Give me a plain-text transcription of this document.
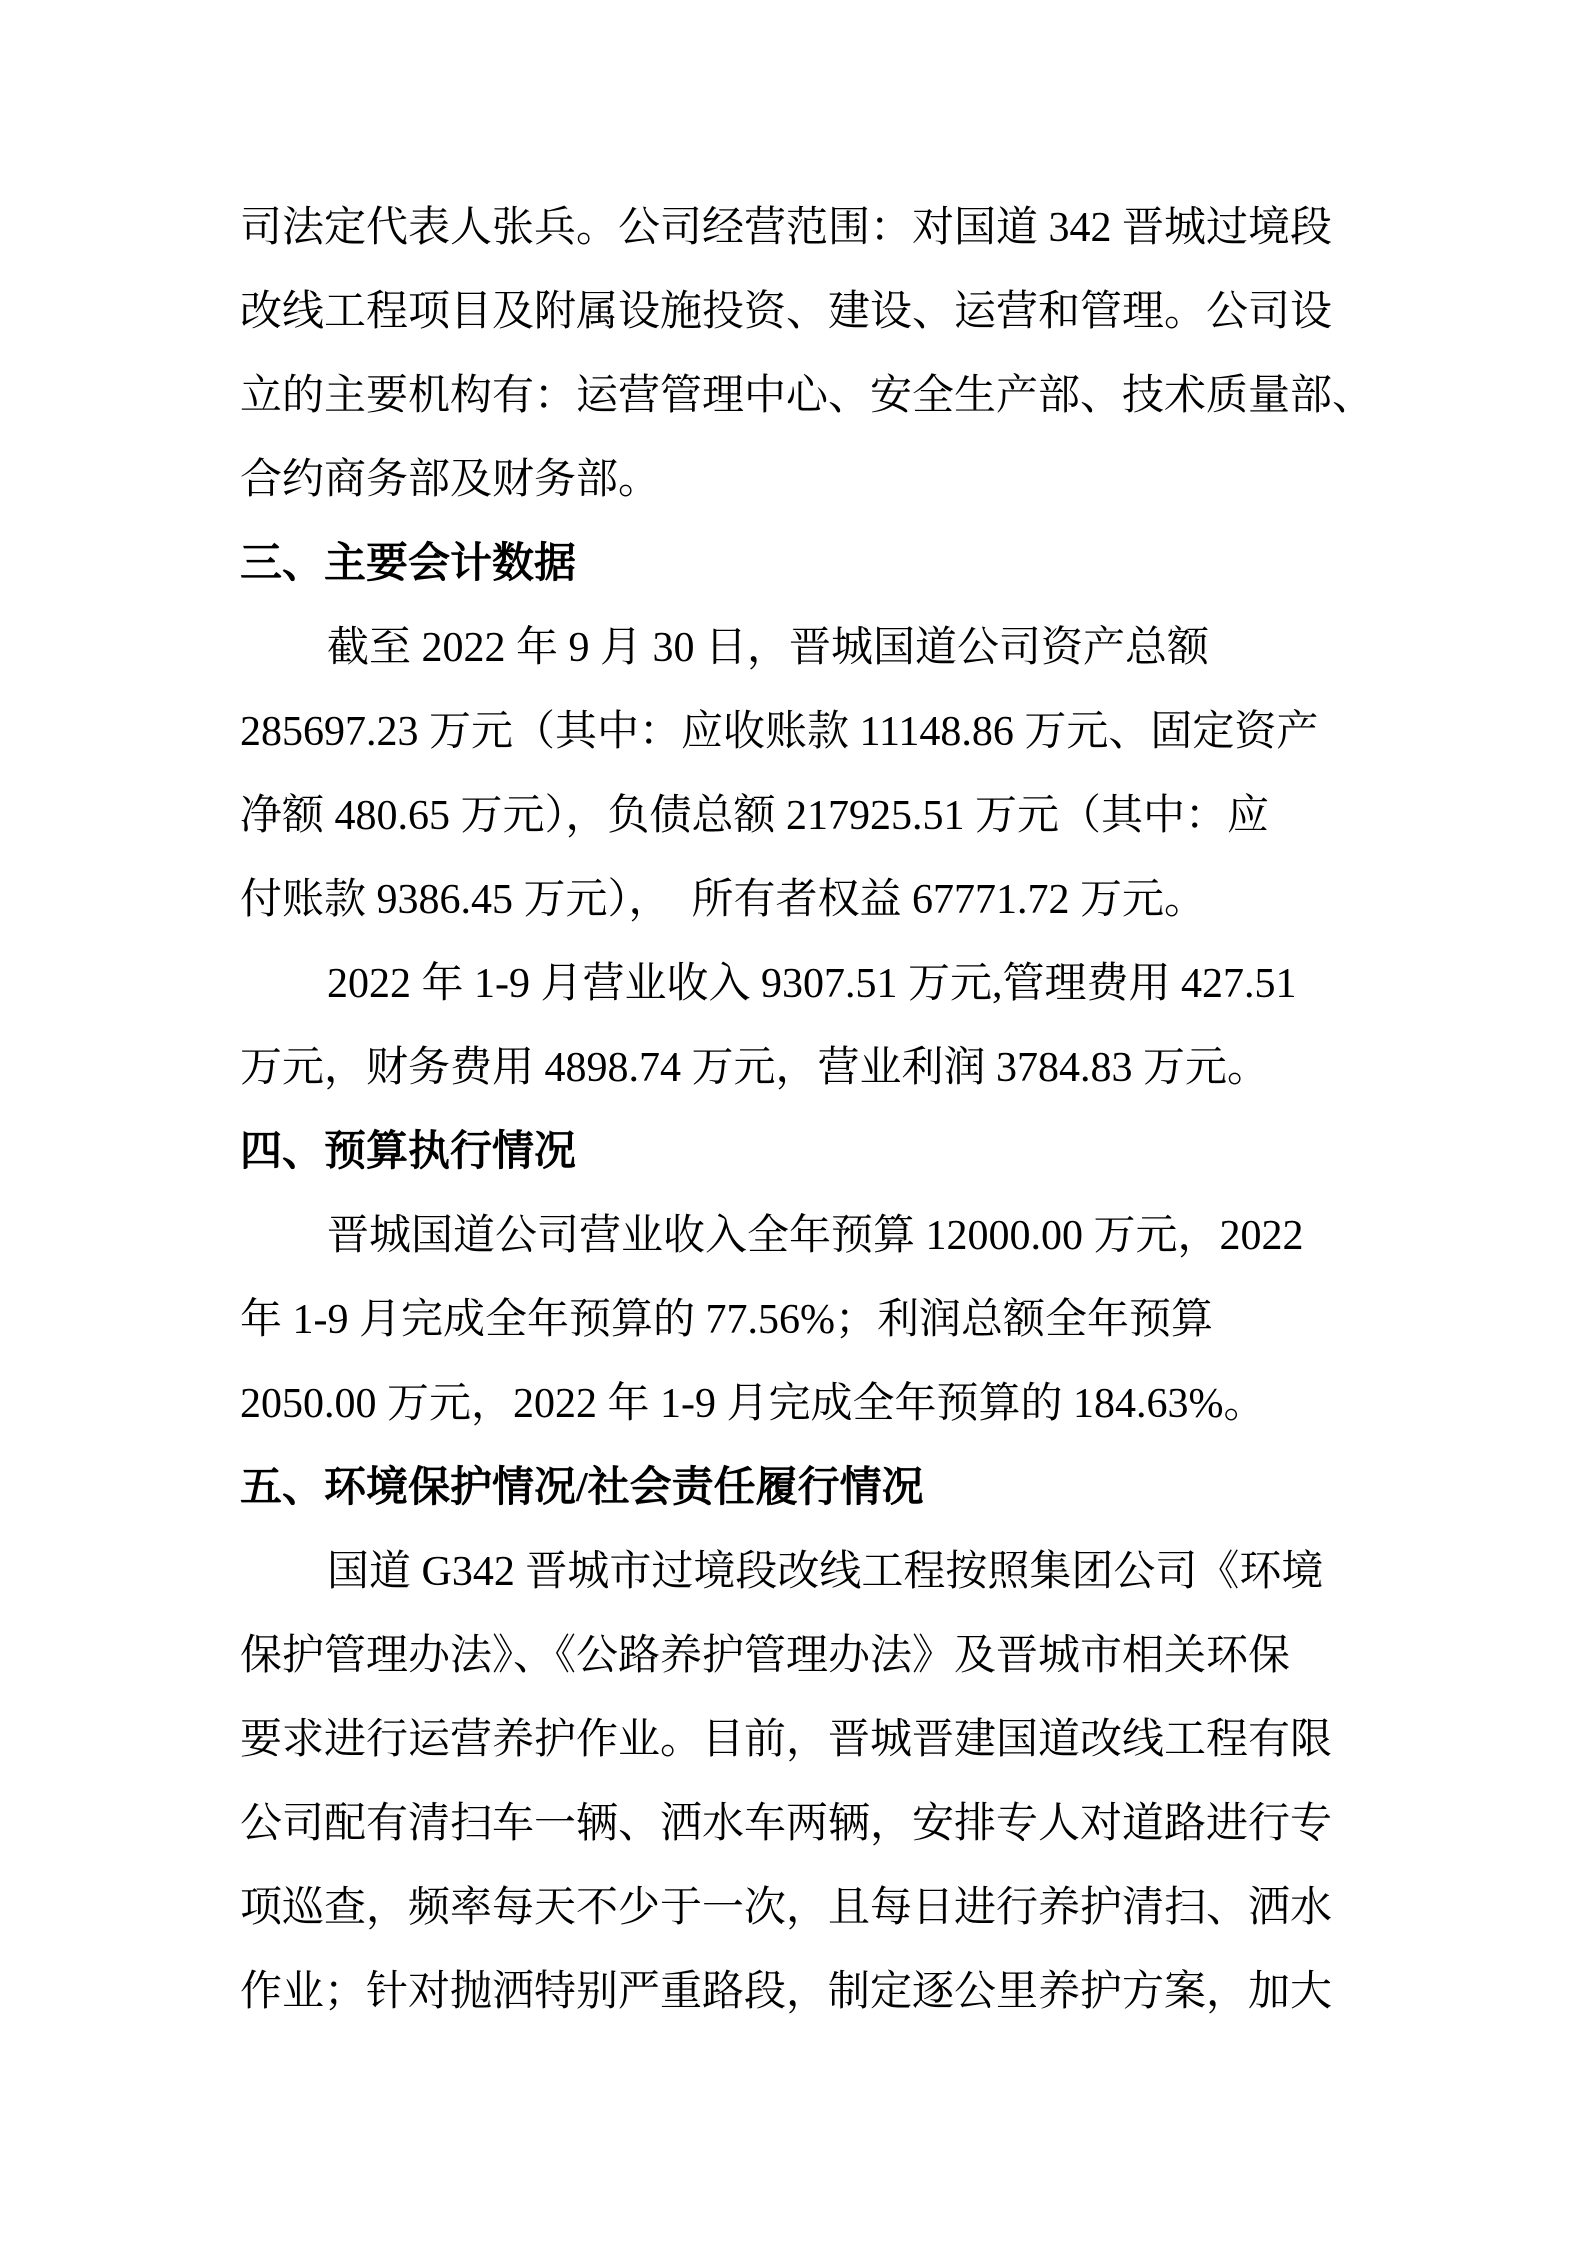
司法定代表人张兵。公司经营范围：对国道 342 晋城过境段
改线工程项目及附属设施投资、建设、运营和管理。公司设
立的主要机构有：运营管理中心、安全生产部、技术质量部、
合约商务部及财务部。
三、主要会计数据
截至 2022 年 9 月 30 日，晋城国道公司资产总额
285697.23 万元（其中：应收账款 11148.86 万元、固定资产
净额 480.65 万元），负债总额 217925.51 万元（其中：应
付账款 9386.45 万元），  所有者权益 67771.72 万元。
2022 年 1-9 月营业收入 9307.51 万元,管理费用 427.51
万元，财务费用 4898.74 万元，营业利润 3784.83 万元。
四、预算执行情况
晋城国道公司营业收入全年预算 12000.00 万元，2022
年 1-9 月完成全年预算的 77.56%；利润总额全年预算
2050.00 万元，2022 年 1-9 月完成全年预算的 184.63%。
五、环境保护情况/社会责任履行情况
国道 G342 晋城市过境段改线工程按照集团公司《环境
保护管理办法》、《公路养护管理办法》及晋城市相关环保
要求进行运营养护作业。目前，晋城晋建国道改线工程有限
公司配有清扫车一辆、洒水车两辆，安排专人对道路进行专
项巡查，频率每天不少于一次，且每日进行养护清扫、洒水
作业；针对抛洒特别严重路段，制定逐公里养护方案，加大
